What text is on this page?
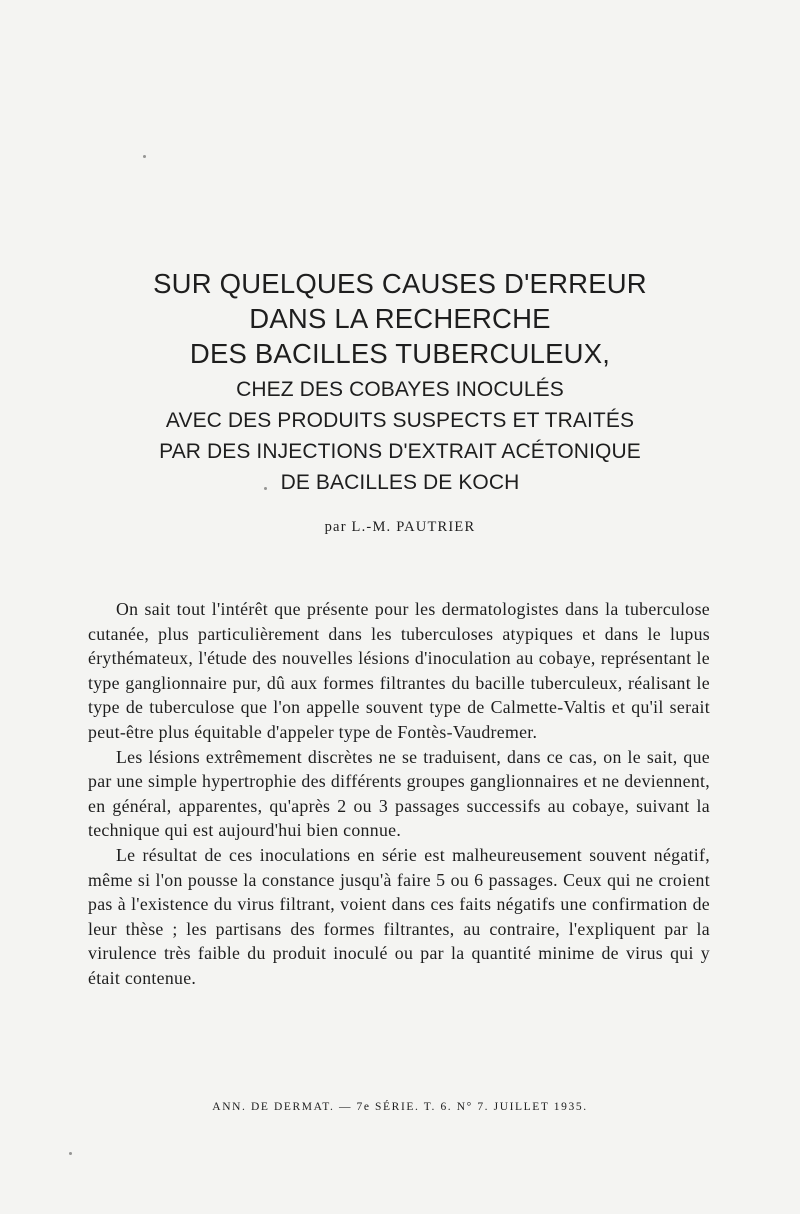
SUR QUELQUES CAUSES D'ERREUR
DANS LA RECHERCHE
DES BACILLES TUBERCULEUX,
CHEZ DES COBAYES INOCULÉS
AVEC DES PRODUITS SUSPECTS ET TRAITÉS
PAR DES INJECTIONS D'EXTRAIT ACÉTONIQUE
DE BACILLES DE KOCH
par L.-M. PAUTRIER

On sait tout l'intérêt que présente pour les dermatologistes dans la tuberculose cutanée, plus particulièrement dans les tuberculoses atypiques et dans le lupus érythémateux, l'étude des nouvelles lésions d'inoculation au cobaye, représentant le type ganglionnaire pur, dû aux formes filtrantes du bacille tuberculeux, réalisant le type de tuberculose que l'on appelle souvent type de Calmette-Valtis et qu'il serait peut-être plus équitable d'appeler type de Fontès-Vaudremer.

Les lésions extrêmement discrètes ne se traduisent, dans ce cas, on le sait, que par une simple hypertrophie des différents groupes ganglionnaires et ne deviennent, en général, apparentes, qu'après 2 ou 3 passages successifs au cobaye, suivant la technique qui est aujourd'hui bien connue.

Le résultat de ces inoculations en série est malheureusement souvent négatif, même si l'on pousse la constance jusqu'à faire 5 ou 6 passages. Ceux qui ne croient pas à l'existence du virus filtrant, voient dans ces faits négatifs une confirmation de leur thèse ; les partisans des formes filtrantes, au contraire, l'expliquent par la virulence très faible du produit inoculé ou par la quantité minime de virus qui y était contenue.

ANN. DE DERMAT. — 7e SÉRIE. T. 6. N° 7. JUILLET 1935.
